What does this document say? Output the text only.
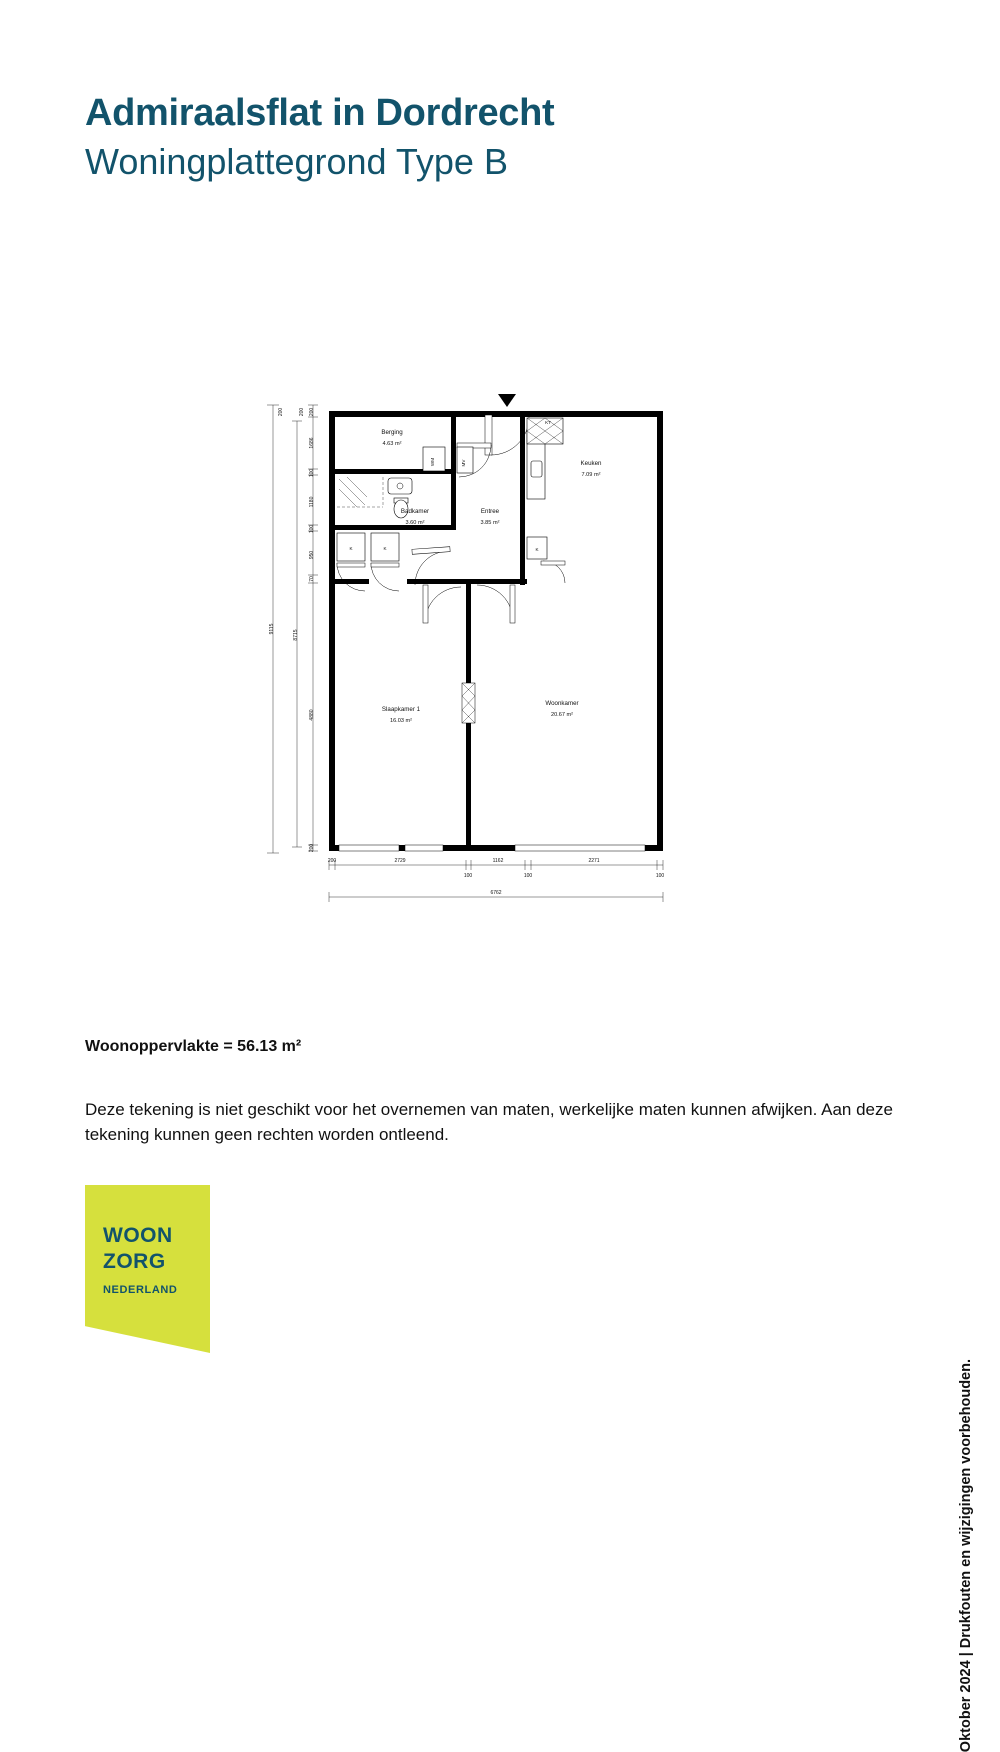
Admiraalsflat in Dordrecht
Woningplattegrond Type B
WM	MV
KT
K
K	K
Berging
4.63 m²
Keuken
7.09 m²
Entree
3.85 m²
Badkamer
3.60 m²
Slaapkamer 1
16.03 m²
Woonkamer
20.67 m²
9115
8715
200
1686
100
1180
100
950
70
4880
200
200	200
200	2729
100
1162
100
2271
100
6762
Woonoppervlakte = 56.13 m²
Deze tekening is niet geschikt voor het overnemen van maten, werkelijke maten kunnen afwijken. Aan deze tekening kunnen geen rechten worden ontleend.
WOON
ZORG
NEDERLAND
Oktober 2024 | Drukfouten en wijzigingen voorbehouden.
